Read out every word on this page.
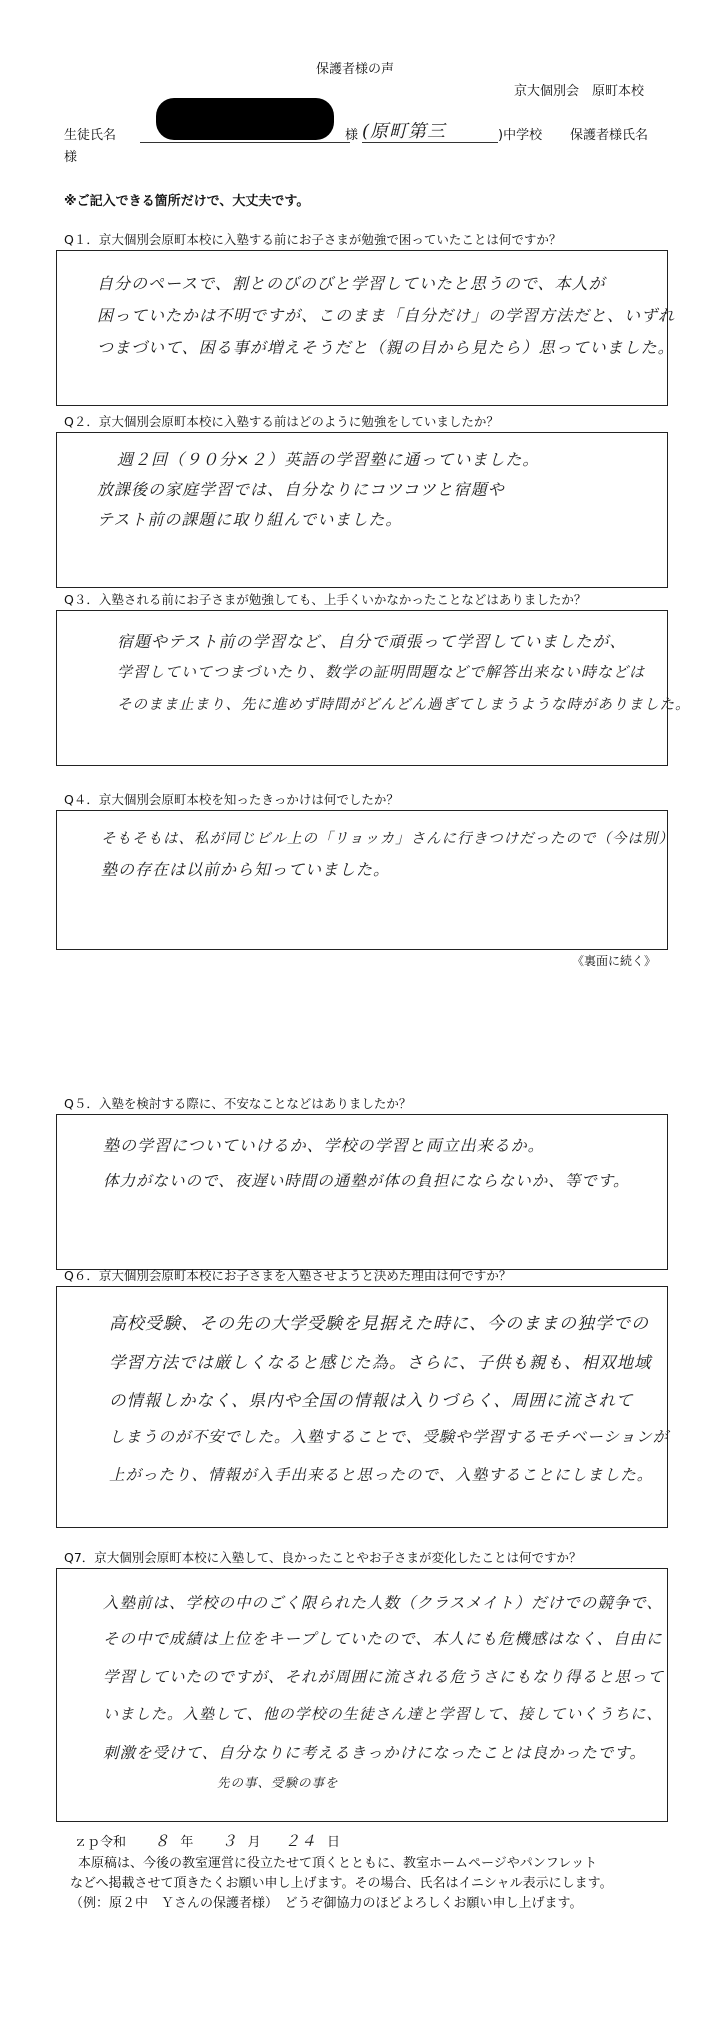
保護者様の声
京大個別会　原町本校
生徒氏名	様 (原町第三	)中学校 保護者様氏名
様
※ご記入できる箇所だけで、大丈夫です。
Q１．京大個別会原町本校に入塾する前にお子さまが勉強で困っていたことは何ですか？
自分のペースで、割とのびのびと学習していたと思うので、本人が
困っていたかは不明ですが、このまま「自分だけ」の学習方法だと、いずれ
つまづいて、困る事が増えそうだと（親の目から見たら）思っていました。
Q２．京大個別会原町本校に入塾する前はどのように勉強をしていましたか？
週２回（９０分×２）英語の学習塾に通っていました。
放課後の家庭学習では、自分なりにコツコツと宿題や
テスト前の課題に取り組んでいました。
Q３．入塾される前にお子さまが勉強しても、上手くいかなかったことなどはありましたか？
宿題やテスト前の学習など、自分で頑張って学習していましたが、
学習していてつまづいたり、数学の証明問題などで解答出来ない時などは
そのまま止まり、先に進めず時間がどんどん過ぎてしまうような時がありました。
Q４．京大個別会原町本校を知ったきっかけは何でしたか？
そもそもは、私が同じビル上の「リョッカ」さんに行きつけだったので（今は別）
塾の存在は以前から知っていました。
《裏面に続く》
Q５．入塾を検討する際に、不安なことなどはありましたか？
塾の学習についていけるか、学校の学習と両立出来るか。
体力がないので、夜遅い時間の通塾が体の負担にならないか、等です。
Q６．京大個別会原町本校にお子さまを入塾させようと決めた理由は何ですか？
高校受験、その先の大学受験を見据えた時に、今のままの独学での
学習方法では厳しくなると感じた為。さらに、子供も親も、相双地域
の情報しかなく、県内や全国の情報は入りづらく、周囲に流されて
しまうのが不安でした。入塾することで、受験や学習するモチベーションが
上がったり、情報が入手出来ると思ったので、入塾することにしました。
Q7．京大個別会原町本校に入塾して、良かったことやお子さまが変化したことは何ですか？
入塾前は、学校の中のごく限られた人数（クラスメイト）だけでの競争で、
その中で成績は上位をキープしていたので、本人にも危機感はなく、自由に
学習していたのですが、それが周囲に流される危うさにもなり得ると思って
いました。入塾して、他の学校の生徒さん達と学習して、接していくうちに、
刺激を受けて、自分なりに考えるきっかけになったことは良かったです。
先の事、受験の事を
ｚｐ令和 ８ 年 ３ 月 ２４ 日
本原稿は、今後の教室運営に役立たせて頂くとともに、教室ホームページやパンフレット
などへ掲載させて頂きたくお願い申し上げます。その場合、氏名はイニシャル表示にします。
（例：原２中　Ｙさんの保護者様）　どうぞ御協力のほどよろしくお願い申し上げます。
